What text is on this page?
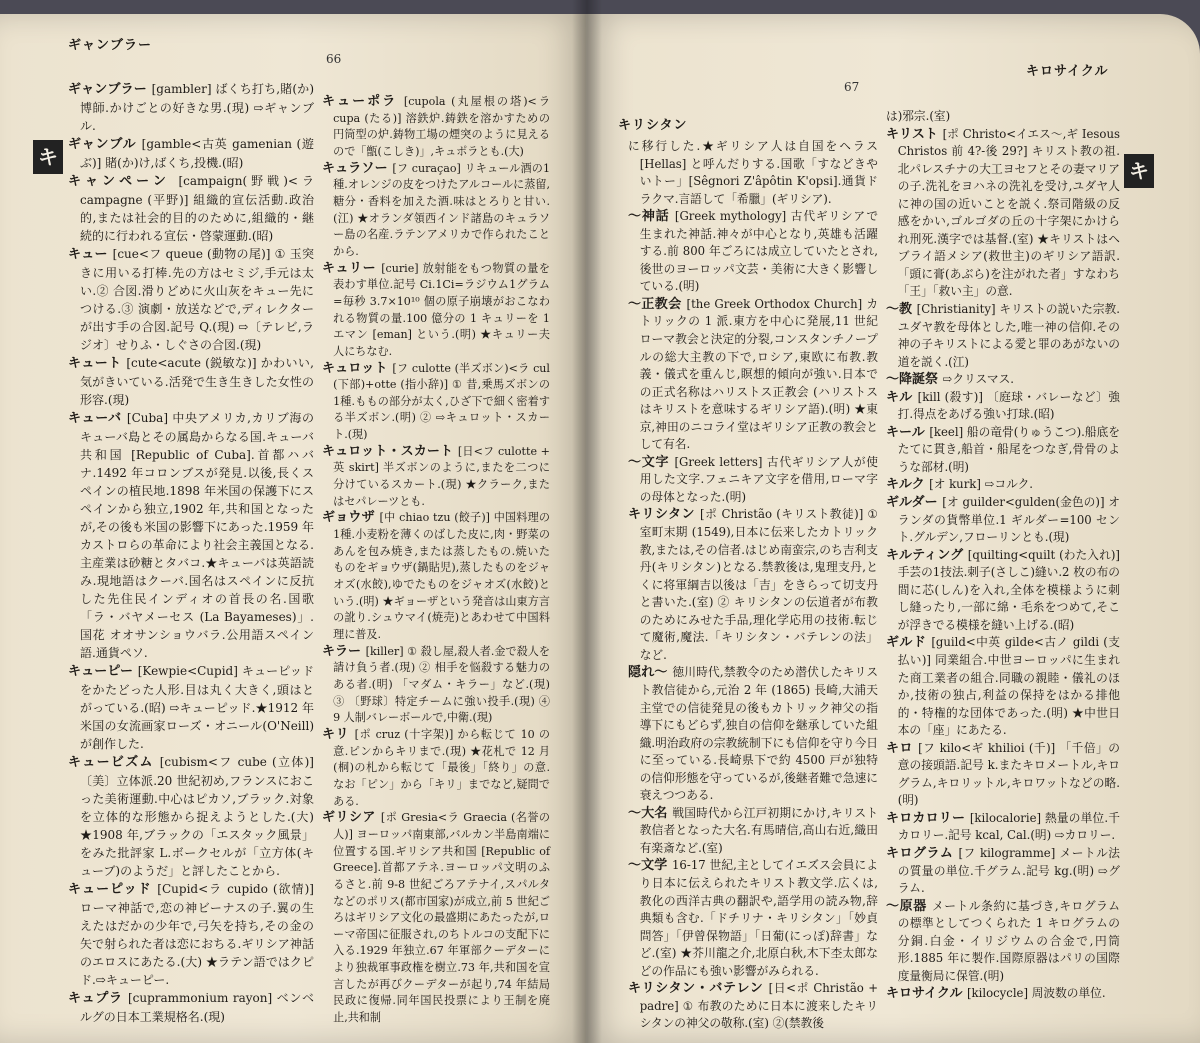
ギャンブラー
66
キ
ギャンブラー [gambler] ばくち打ち,賭(か)博師.かけごとの好きな男.(現) ⇨ギャンブル.
ギャンブル [gamble<古英 gamenian (遊ぶ)] 賭(か)け,ばくち,投機.(昭)
キャンペーン [campaign(野戦)<ラ campagne (平野)] 組織的宣伝活動.政治的,または社会的目的のために,組織的・継続的に行われる宣伝・啓蒙運動.(昭)
キュー [cue<フ queue (動物の尾)] ① 玉突きに用いる打棒.先の方はセミジ,手元は太い.② 合図.滑りどめに火山灰をキュー先につける.③ 演劇・放送などで,ディレクターが出す手の合図.記号 Q.(現) ⇨〔テレビ,ラジオ〕せりふ・しぐさの合図.(現)
キュート [cute<acute (鋭敏な)] かわいい,気がきいている.活発で生き生きした女性の形容.(現)
キューバ [Cuba] 中央アメリカ,カリブ海のキューバ島とその属島からなる国.キューバ共和国 [Republic of Cuba].首都ハバナ.1492 年コロンブスが発見.以後,長くスペインの植民地.1898 年米国の保護下にスペインから独立,1902 年,共和国となったが,その後も米国の影響下にあった.1959 年カストロらの革命により社会主義国となる.主産業は砂糖とタバコ.★キューバは英語読み.現地語はクーバ.国名はスペインに反抗した先住民インディオの首長の名.国歌「ラ・バヤメーセス (La Bayameses)」.国花 オオサンショウバラ.公用語スペイン語.通貨ペソ.
キューピー [Kewpie<Cupid] キューピッドをかたどった人形.目は丸く大きく,頭はとがっている.(昭) ⇨キューピッド.★1912 年米国の女流画家ローズ・オニール(O'Neill)が創作した.
キュービズム [cubism<フ cube (立体)] 〔美〕立体派.20 世紀初め,フランスにおこった美術運動.中心はピカソ,ブラック.対象を立体的な形態から捉えようとした.(大) ★1908 年,ブラックの「エスタック風景」をみた批評家 L.ボークセルが「立方体(キューブ)のようだ」と評したことから.
キューピッド [Cupid<ラ cupido (欲情)] ローマ神話で,恋の神ビーナスの子.翼の生えたはだかの少年で,弓矢を持ち,その金の矢で射られた者は恋におちる.ギリシア神話のエロスにあたる.(大) ★ラテン語ではクピド.⇨キューピー.
キュプラ [cuprammonium rayon] ベンベルグの日本工業規格名.(現)
キューポラ [cupola (丸屋根の塔)<ラ cupa (たる)] 溶鉄炉.鋳鉄を溶かすための円筒型の炉.鋳物工場の煙突のように見えるので「甑(こしき)」,キュポラとも.(大)
キュラソー [フ curaçao] リキュール酒の1種.オレンジの皮をつけたアルコールに蒸留,糖分・香料を加えた酒.味はとろりと甘い.(江) ★オランダ領西インド諸島のキュラソー島の名産.ラテンアメリカで作られたことから.
キュリー [curie] 放射能をもつ物質の量を表わす単位.記号 Ci.1Ci=ラジウム1グラム=毎秒 3.7×10¹⁰ 個の原子崩壊がおこなわれる物質の量.100 億分の 1 キュリーを 1 エマン [eman] という.(明) ★キュリー夫人にちなむ.
キュロット [フ culotte (半ズボン)<ラ cul (下部)+otte (指小辞)] ① 昔,乗馬ズボンの1種.ももの部分が太く,ひざ下で細く密着する半ズボン.(明) ② ⇨キュロット・スカート.(現)
キュロット・スカート [日<フ culotte + 英 skirt] 半ズボンのように,またを二つに分けているスカート.(現) ★クラーク,またはセパレーツとも.
ギョウザ [中 chiao tzu (餃子)] 中国料理の1種.小麦粉を薄くのばした皮に,肉・野菜のあんを包み焼き,または蒸したもの.焼いたものをギョウザ(鍋貼児),蒸したものをジャオズ(水餃),ゆでたものをジャオズ(水餃)という.(明) ★ギョーザという発音は山東方言の訛り.シュウマイ(焼売)とあわせて中国料理に普及.
キラー [killer] ① 殺し屋,殺人者.金で殺人を請け負う者.(現) ② 相手を悩殺する魅力のある者.(明) 「マダム・キラー」など.(現) ③ 〔野球〕特定チームに強い投手.(現) ④ 9 人制バレーボールで,中衛.(現)
キリ [ポ cruz (十字架)] から転じて 10 の意.ピンからキリまで.(現) ★花札で 12 月(桐)の札から転じて「最後」「終り」の意.なお「ピン」から「キリ」までなど,疑問である.
ギリシア [ポ Gresia<ラ Graecia (名誉の人)] ヨーロッパ南東部,バルカン半島南端に位置する国.ギリシア共和国 [Republic of Greece].首都アテネ.ヨーロッパ文明のふるさと.前 9-8 世紀ごろアテナイ,スパルタなどのポリス(都市国家)が成立,前 5 世紀ごろはギリシア文化の最盛期にあたったが,ローマ帝国に征服され,のちトルコの支配下に入る.1929 年独立.67 年軍部クーデターにより独裁軍事政権を樹立.73 年,共和国を宣言したが再びクーデターが起り,74 年結局民政に復帰.同年国民投票により王制を廃止,共和制
キリシタン
67
キロサイクル
キ
に移行した.★ギリシア人は自国をヘラス [Hellas] と呼んだりする.国歌「すなどきやいトー」[Sêgnori Z'âpôtin K'opsi].通貨ドラクマ.言語して「希臘」(ギリシア).
〜神話 [Greek mythology] 古代ギリシアで生まれた神話.神々が中心となり,英雄も活躍する.前 800 年ごろには成立していたとされ,後世のヨーロッパ文芸・美術に大きく影響している.(明)
〜正教会 [the Greek Orthodox Church] カトリックの 1 派.東方を中心に発展,11 世紀ローマ教会と決定的分裂,コンスタンチノープルの総大主教の下で,ロシア,東欧に布教.教義・儀式を重んじ,瞑想的傾向が強い.日本での正式名称はハリストス正教会 (ハリストスはキリストを意味するギリシア語).(明) ★東京,神田のニコライ堂はギリシア正教の教会として有名.
〜文字 [Greek letters] 古代ギリシア人が使用した文字.フェニキア文字を借用,ローマ字の母体となった.(明)
キリシタン [ポ Christão (キリスト教徒)] ① 室町末期 (1549),日本に伝来したカトリック教,または,その信者.はじめ南蛮宗,のち吉利支丹(キリシタン)となる.禁教後は,鬼理支丹,とくに将軍綱吉以後は「吉」をきらって切支丹と書いた.(室) ② キリシタンの伝道者が布教のためにみせた手品,理化学応用の技術.転じて魔術,魔法.「キリシタン・バテレンの法」など.
隠れ〜 徳川時代,禁教令のため潜伏したキリスト教信徒から,元治 2 年 (1865) 長崎,大浦天主堂での信徒発見の後もカトリック神父の指導下にもどらず,独自の信仰を継承していた組織.明治政府の宗教統制下にも信仰を守り今日に至っている.長崎県下で約 4500 戸が独特の信仰形態を守っているが,後継者難で急速に衰えつつある.
〜大名 戦国時代から江戸初期にかけ,キリスト教信者となった大名.有馬晴信,高山右近,織田有楽斎など.(室)
〜文学 16-17 世紀,主としてイエズス会員により日本に伝えられたキリスト教文学.広くは,教化の西洋古典の翻訳や,語学用の読み物,辞典類も含む.「ドチリナ・キリシタン」「妙貞問答」「伊曾保物語」「日葡(にっぽ)辞書」など.(室) ★芥川龍之介,北原白秋,木下杢太郎などの作品にも強い影響がみられる.
キリシタン・バテレン [日<ポ Christão + padre] ① 布教のために日本に渡来したキリシタンの神父の敬称.(室) ②(禁教後
は)邪宗.(室)
キリスト [ポ Christo<イエス〜,ギ Iesous Christos 前 4?-後 29?] キリスト教の祖.北パレスチナの大工ヨセフとその妻マリアの子.洗礼をヨハネの洗礼を受け,ユダヤ人に神の国の近いことを説く.祭司階級の反感をかい,ゴルゴダの丘の十字架にかけられ刑死.漢字では基督.(室) ★キリストはヘブライ語メシア(救世主)のギリシア語訳.「頭に膏(あぶら)を注がれた者」すなわち「王」「救い主」の意.
〜教 [Christianity] キリストの説いた宗教.ユダヤ教を母体とした,唯一神の信仰.その神の子キリストによる愛と罪のあがないの道を説く.(江)
〜降誕祭 ⇨クリスマス.
キル [kill (殺す)] 〔庭球・バレーなど〕強打.得点をあげる強い打球.(昭)
キール [keel] 船の竜骨(りゅうこつ).船底をたてに貫き,船首・船尾をつなぎ,骨骨のような部材.(明)
キルク [オ kurk] ⇨コルク.
ギルダー [オ guilder<gulden(金色の)] オランダの貨幣単位.1 ギルダー=100 セント.グルデン,フローリンとも.(現)
キルティング [quilting<quilt (わた入れ)] 手芸の1技法.刺子(さしこ)縫い.2 枚の布の間に芯(しん)を入れ,全体を模様ように刺し縫ったり,一部に綿・毛糸をつめて,そこが浮きでる模様を縫い上げる.(昭)
ギルド [guild<中英 gilde<古ノ gildi (支払い)] 同業組合.中世ヨーロッパに生まれた商工業者の組合.同職の親睦・儀礼のほか,技術の独占,利益の保持をはかる排他的・特権的な団体であった.(明) ★中世日本の「座」にあたる.
キロ [フ kilo<ギ khilioi (千)] 「千倍」の意の接頭語.記号 k.またキロメートル,キログラム,キロリットル,キロワットなどの略.(明)
キロカロリー [kilocalorie] 熱量の単位.千カロリー.記号 kcal, Cal.(明) ⇨カロリー.
キログラム [フ kilogramme] メートル法の質量の単位.千グラム.記号 kg.(明) ⇨グラム.
〜原器 メートル条約に基づき,キログラムの標準としてつくられた 1 キログラムの分銅.白金・イリジウムの合金で,円筒形.1885 年に製作.国際原器はパリの国際度量衡局に保管.(明)
キロサイクル [kilocycle] 周波数の単位.
